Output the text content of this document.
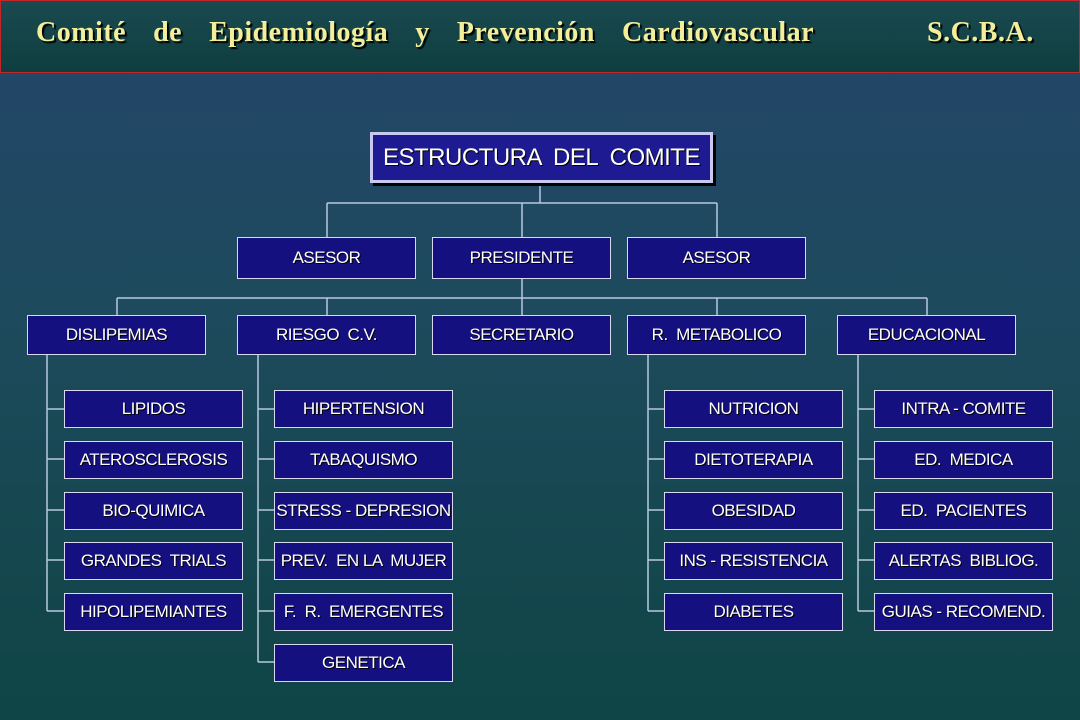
Comité  de  Epidemiología  y  Prevención  Cardiovascular	S.C.B.A.
ESTRUCTURA  DEL  COMITE
ASESOR	PRESIDENTE	ASESOR
DISLIPEMIAS	RIESGO  C.V.	SECRETARIO	R.  METABOLICO	EDUCACIONAL
LIPIDOS
ATEROSCLEROSIS
BIO-QUIMICA
GRANDES  TRIALS
HIPOLIPEMIANTES
HIPERTENSION
TABAQUISMO
STRESS - DEPRESION
PREV.  EN LA  MUJER
F.  R.  EMERGENTES
GENETICA
NUTRICION
DIETOTERAPIA
OBESIDAD
INS - RESISTENCIA
DIABETES
INTRA - COMITE
ED.  MEDICA
ED.  PACIENTES
ALERTAS  BIBLIOG.
GUIAS - RECOMEND.
